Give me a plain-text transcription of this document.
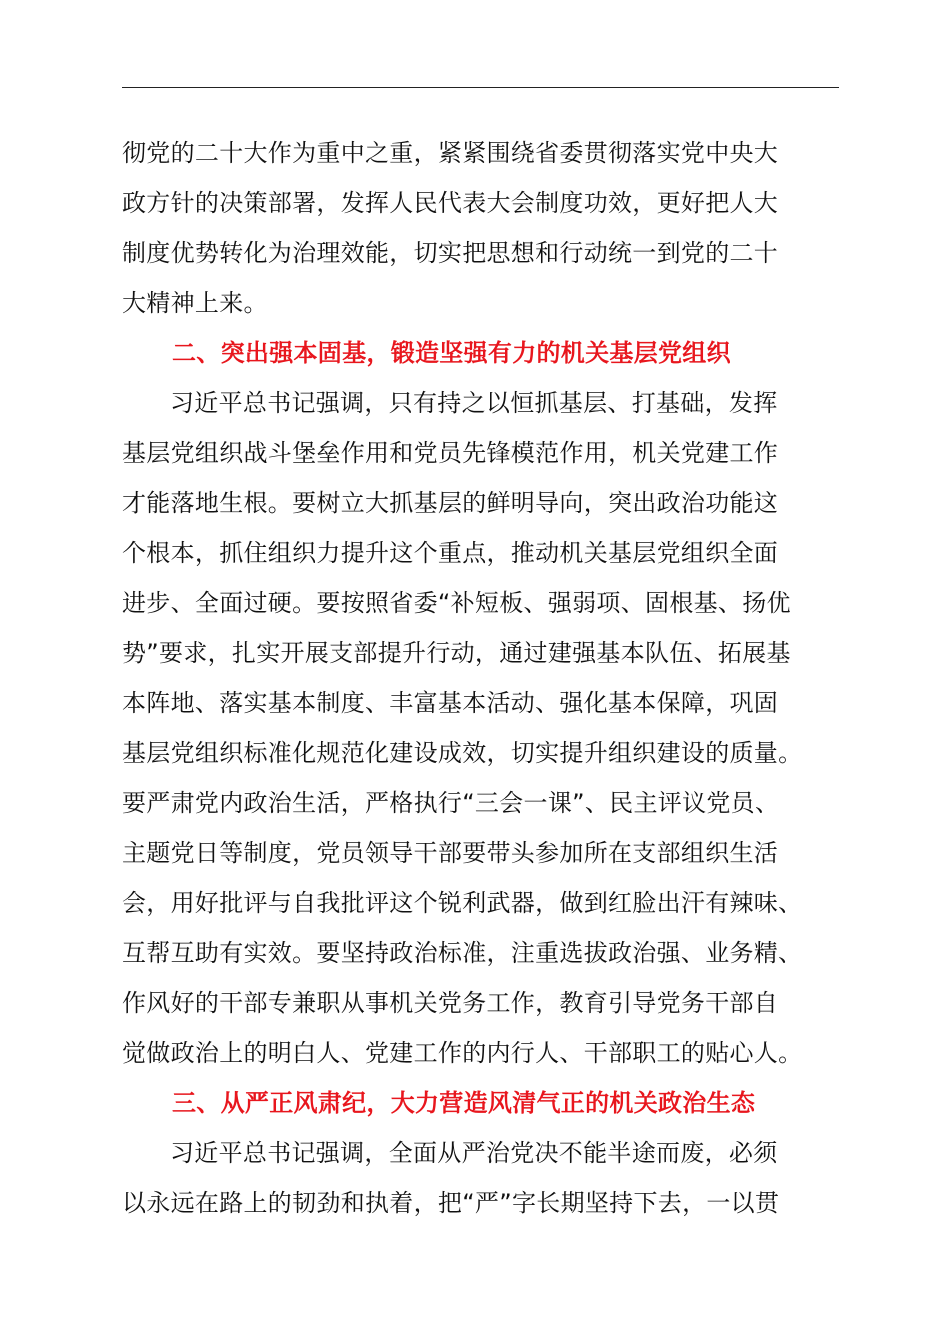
彻党的二十大作为重中之重，紧紧围绕省委贯彻落实党中央大
政方针的决策部署，发挥人民代表大会制度功效，更好把人大
制度优势转化为治理效能，切实把思想和行动统一到党的二十
大精神上来。
二、突出强本固基，锻造坚强有力的机关基层党组织
习近平总书记强调，只有持之以恒抓基层、打基础，发挥
基层党组织战斗堡垒作用和党员先锋模范作用，机关党建工作
才能落地生根。要树立大抓基层的鲜明导向，突出政治功能这
个根本，抓住组织力提升这个重点，推动机关基层党组织全面
进步、全面过硬。要按照省委“补短板、强弱项、固根基、扬优
势”要求，扎实开展支部提升行动，通过建强基本队伍、拓展基
本阵地、落实基本制度、丰富基本活动、强化基本保障，巩固
基层党组织标准化规范化建设成效，切实提升组织建设的质量。
要严肃党内政治生活，严格执行“三会一课”、民主评议党员、
主题党日等制度，党员领导干部要带头参加所在支部组织生活
会，用好批评与自我批评这个锐利武器，做到红脸出汗有辣味、
互帮互助有实效。要坚持政治标准，注重选拔政治强、业务精、
作风好的干部专兼职从事机关党务工作，教育引导党务干部自
觉做政治上的明白人、党建工作的内行人、干部职工的贴心人。
三、从严正风肃纪，大力营造风清气正的机关政治生态
习近平总书记强调，全面从严治党决不能半途而废，必须
以永远在路上的韧劲和执着，把“严”字长期坚持下去，一以贯
